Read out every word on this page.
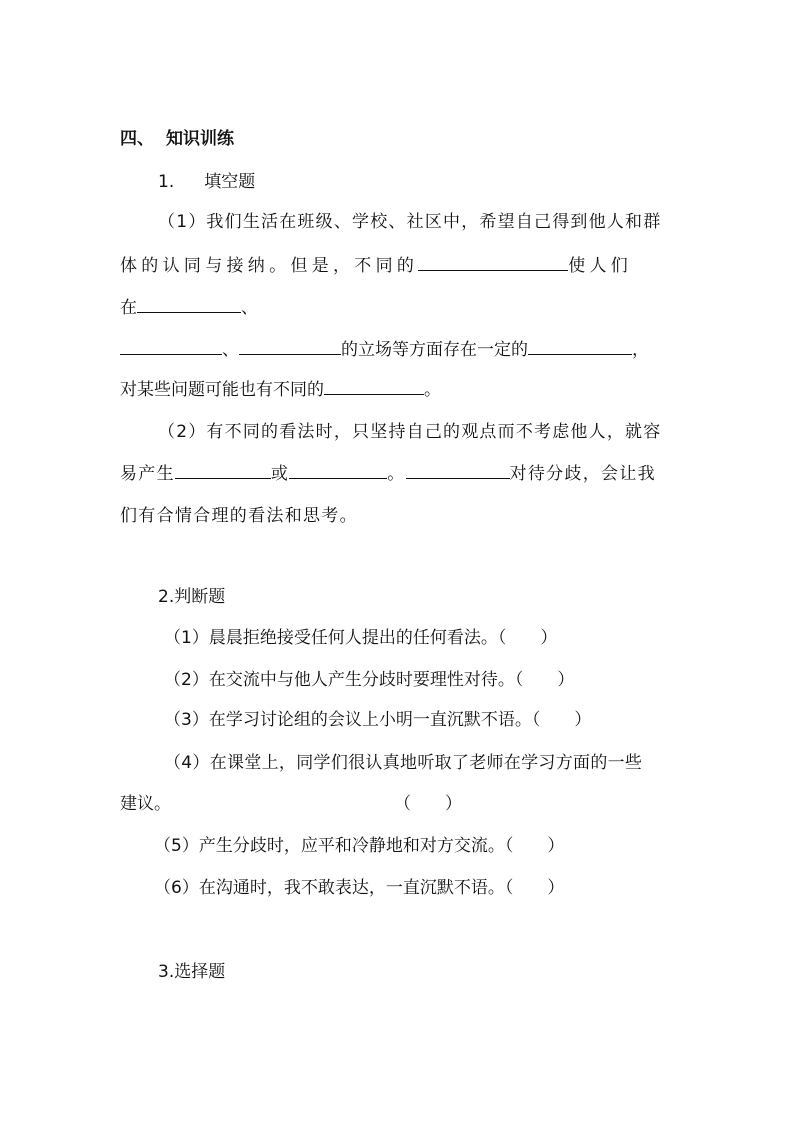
四、 知识训练
1. 填空题
（1）我们生活在班级、学校、社区中，希望自己得到他人和群
体的认同与接纳。但是，不同的	使人们
在	、
、	的立场等方面存在一定的	，
对某些问题可能也有不同的	。
（2）有不同的看法时，只坚持自己的观点而不考虑他人，就容
易产生	或	。	对待分歧，会让我
们有合情合理的看法和思考。
2.判断题
（1）晨晨拒绝接受任何人提出的任何看法。（　　）
（2）在交流中与他人产生分歧时要理性对待。（　　）
（3）在学习讨论组的会议上小明一直沉默不语。（　　）
（4）在课堂上，同学们很认真地听取了老师在学习方面的一些
建议。	（　　）
（5）产生分歧时，应平和冷静地和对方交流。（　　）
（6）在沟通时，我不敢表达，一直沉默不语。（　　）
3.选择题
